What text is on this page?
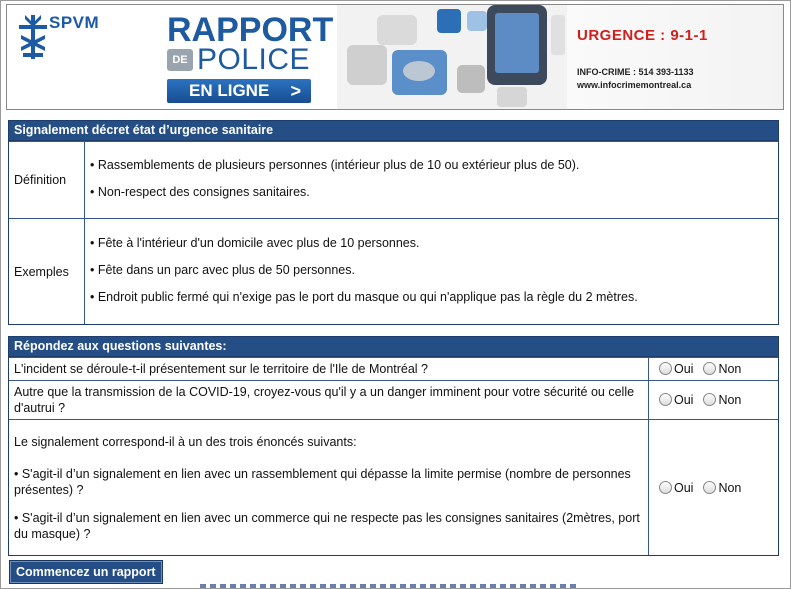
SPVM RAPPORT
DE POLICE
EN LIGNE >
URGENCE : 9-1-1
INFO-CRIME : 514 393-1133
www.infocrimemontreal.ca
Signalement décret état d’urgence sanitaire
Définition

• Rassemblements de plusieurs personnes (intérieur plus de 10 ou extérieur plus de 50).

• Non-respect des consignes sanitaires.

Exemples

• Fête à l'intérieur d'un domicile avec plus de 10 personnes.

• Fête dans un parc avec plus de 50 personnes.

• Endroit public fermé qui n'exige pas le port du masque ou qui n'applique pas la règle du 2 mètres.

Répondez aux questions suivantes:
L'incident se déroule-t-il présentement sur le territoire de l'Ile de Montréal ?	Oui	Non
Autre que la transmission de la COVID-19, croyez-vous qu'il y a un danger imminent pour votre sécurité ou celle d'autrui ?
Oui	Non
Le signalement correspond-il à un des trois énoncés suivants:
• S'agit-il d’un signalement en lien avec un rassemblement qui dépasse la limite permise (nombre de personnes présentes) ?
• S'agit-il d’un signalement en lien avec un commerce qui ne respecte pas les consignes sanitaires (2mètres, port du masque) ?
Oui	Non
Commencez un rapport
